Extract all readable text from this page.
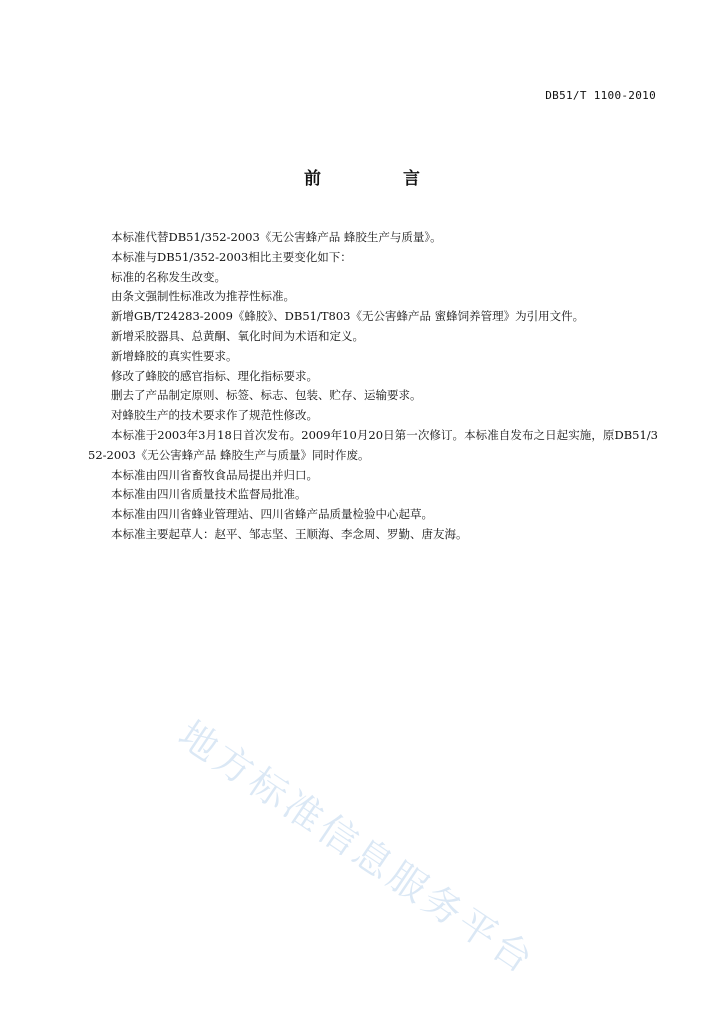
DB51/T 1100-2010
前 言

本标准代替DB51/352-2003《无公害蜂产品 蜂胶生产与质量》。

本标准与DB51/352-2003相比主要变化如下：

标准的名称发生改变。

由条文强制性标准改为推荐性标准。

新增GB/T24283-2009《蜂胶》、DB51/T803《无公害蜂产品 蜜蜂饲养管理》为引用文件。

新增采胶器具、总黄酮、氧化时间为术语和定义。

新增蜂胶的真实性要求。

修改了蜂胶的感官指标、理化指标要求。

删去了产品制定原则、标签、标志、包装、贮存、运输要求。

对蜂胶生产的技术要求作了规范性修改。

本标准于2003年3月18日首次发布。2009年10月20日第一次修订。本标准自发布之日起实施，原DB51/352-2003《无公害蜂产品 蜂胶生产与质量》同时作废。

本标准由四川省畜牧食品局提出并归口。

本标准由四川省质量技术监督局批准。

本标准由四川省蜂业管理站、四川省蜂产品质量检验中心起草。

本标准主要起草人：赵平、邹志坚、王顺海、李念周、罗勤、唐友海。

地方标准信息服务平台
